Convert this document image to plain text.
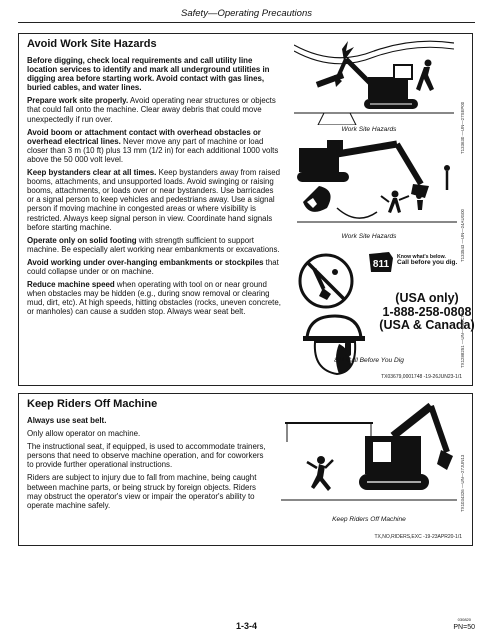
Safety—Operating Precautions
Avoid Work Site Hazards
Before digging, check local requirements and call utility line location services to identify and mark all underground utilities in digging area before starting work. Avoid contact with gas lines, buried cables, and water lines.
Prepare work site properly. Avoid operating near structures or objects that could fall onto the machine. Clear away debris that could move unexpectedly if run over.
Avoid boom or attachment contact with overhead obstacles or overhead electrical lines. Never move any part of machine or load closer than 3 m (10 ft) plus 13 mm (1/2 in) for each additional 1000 volts above the 50 000 volt level.
Keep bystanders clear at all times. Keep bystanders away from raised booms, attachments, and unsupported loads. Avoid swinging or raising booms, attachments, or loads over or near bystanders. Use barricades or a signal person to keep vehicles and pedestrians away. Use a signal person if moving machine in congested areas or where visibility is restricted. Always keep signal person in view. Coordinate hand signals before starting machine.
Operate only on solid footing with strength sufficient to support machine. Be especially alert working near embankments or excavations.
Avoid working under over-hanging embankments or stockpiles that could collapse under or on machine.
Reduce machine speed when operating with tool on or near ground when obstacles may be hidden (e.g., during snow removal or clearing mud, dirt, etc). At high speeds, hitting obstacles (rocks, uneven concrete, or manholes) can cause a sudden stop. Always wear seat belt.
Work Site Hazards	T133630 —UN—27SEP00
Work Site Hazards	T133543 —UN—24AUG00
811
Know what's below.
Call before you dig.
(USA only)
1-888-258-0808
(USA & Canada)
811 Call Before You Dig	TX1288251 —UN—05OCT19
TX03679,0001748 -19-26JUN23-1/1
Keep Riders Off Machine
Always use seat belt.
Only allow operator on machine.
The instructional seat, if equipped, is used to accommodate trainers, persons that need to observe machine operation, and for coworkers to provide further operational instructions.
Riders are subject to injury due to fall from machine, being caught between machine parts, or being struck by foreign objects. Riders may obstruct the operator's view or impair the operator's ability to operate machine safely.
Keep Riders Off Machine
TX1034326 —UN—27JUN13
TX,NO,RIDERS,EXC -19-23APR20-1/1
1-3-4
030820
PN=50
